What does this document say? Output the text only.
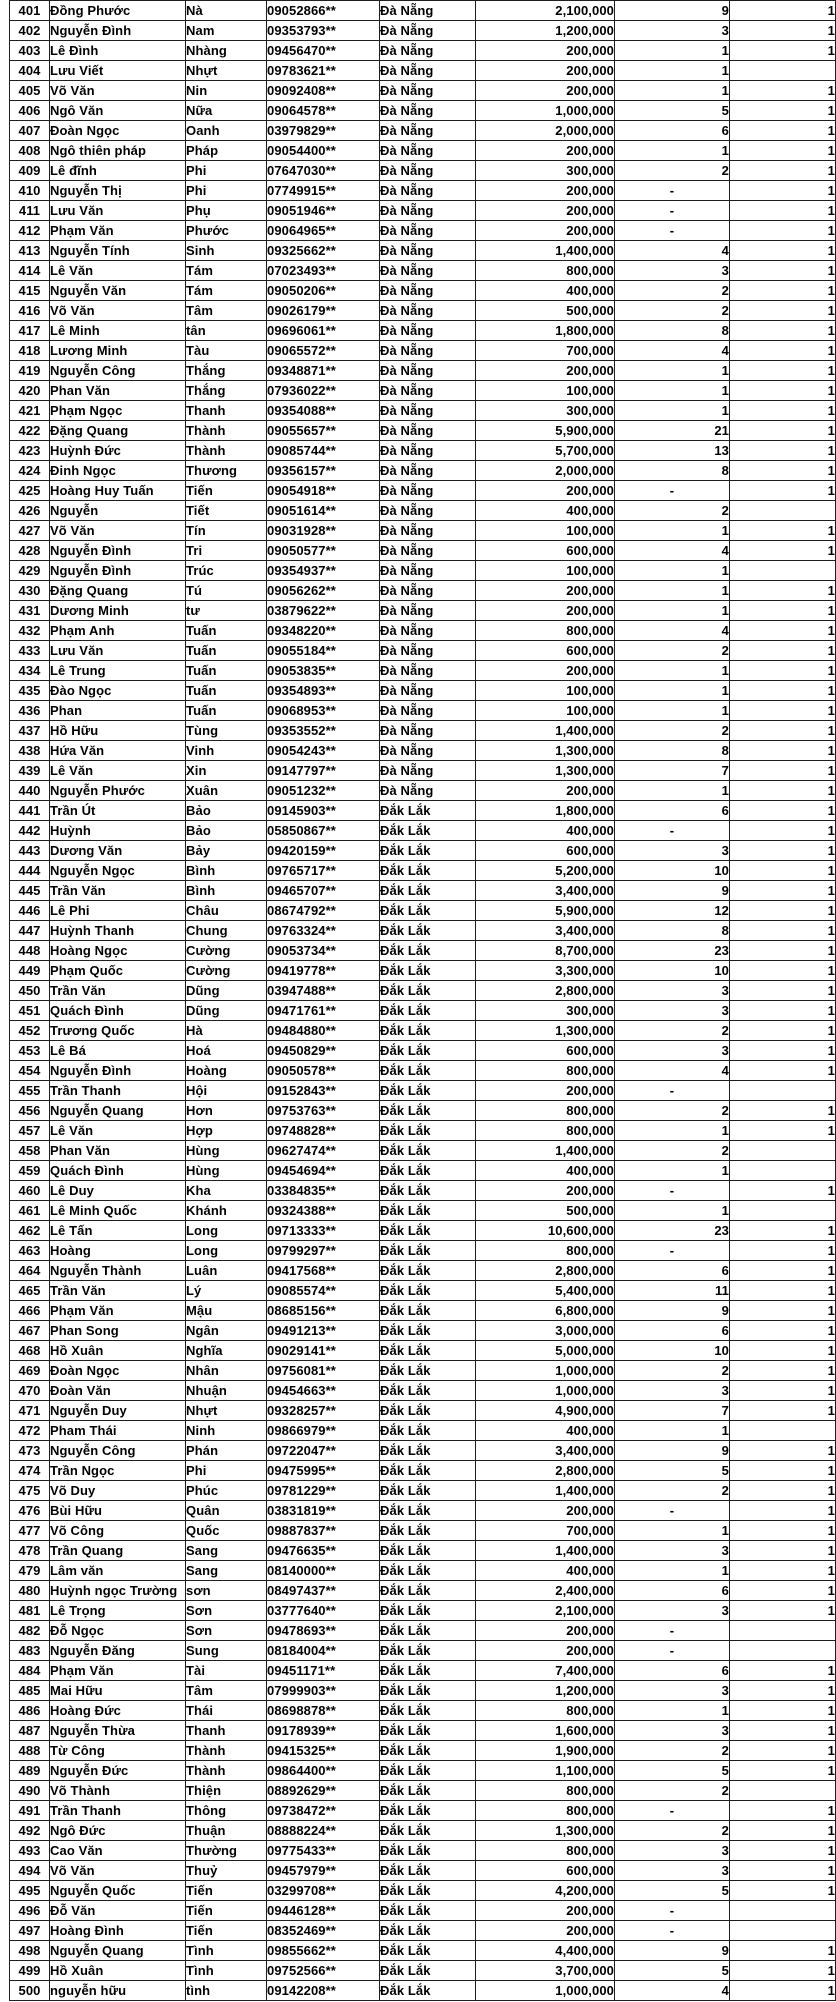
401	Đồng Phước	Nà	09052866**	Đà Nẵng	2,100,000	9	1
402	Nguyễn Đình	Nam	09353793**	Đà Nẵng	1,200,000	3	1
403	Lê Đình	Nhàng	09456470**	Đà Nẵng	200,000	1	1
404	Lưu Viết	Nhựt	09783621**	Đà Nẵng	200,000	1	
405	Võ Văn	Nin	09092408**	Đà Nẵng	200,000	1	1
406	Ngô Văn	Nữa	09064578**	Đà Nẵng	1,000,000	5	1
407	Đoàn Ngọc	Oanh	03979829**	Đà Nẵng	2,000,000	6	1
408	Ngô thiên pháp	Pháp	09054400**	Đà Nẵng	200,000	1	1
409	Lê đĩnh	Phi	07647030**	Đà Nẵng	300,000	2	1
410	Nguyễn Thị	Phi	07749915**	Đà Nẵng	200,000	-	1
411	Lưu Văn	Phụ	09051946**	Đà Nẵng	200,000	-	1
412	Phạm Văn	Phước	09064965**	Đà Nẵng	200,000	-	1
413	Nguyễn Tính	Sinh	09325662**	Đà Nẵng	1,400,000	4	1
414	Lê Văn	Tám	07023493**	Đà Nẵng	800,000	3	1
415	Nguyễn Văn	Tám	09050206**	Đà Nẵng	400,000	2	1
416	Võ Văn	Tâm	09026179**	Đà Nẵng	500,000	2	1
417	Lê Minh	tân	09696061**	Đà Nẵng	1,800,000	8	1
418	Lương Minh	Tàu	09065572**	Đà Nẵng	700,000	4	1
419	Nguyễn Công	Thắng	09348871**	Đà Nẵng	200,000	1	1
420	Phan Văn	Thắng	07936022**	Đà Nẵng	100,000	1	1
421	Phạm Ngọc	Thanh	09354088**	Đà Nẵng	300,000	1	1
422	Đặng Quang	Thành	09055657**	Đà Nẵng	5,900,000	21	1
423	Huỳnh Đức	Thành	09085744**	Đà Nẵng	5,700,000	13	1
424	Đinh Ngọc	Thương	09356157**	Đà Nẵng	2,000,000	8	1
425	Hoàng Huy Tuấn	Tiến	09054918**	Đà Nẵng	200,000	-	1
426	Nguyễn	Tiết	09051614**	Đà Nẵng	400,000	2	
427	Võ Văn	Tín	09031928**	Đà Nẵng	100,000	1	1
428	Nguyễn Đình	Tri	09050577**	Đà Nẵng	600,000	4	1
429	Nguyễn Đình	Trúc	09354937**	Đà Nẵng	100,000	1	
430	Đặng Quang	Tú	09056262**	Đà Nẵng	200,000	1	1
431	Dương Minh	tư	03879622**	Đà Nẵng	200,000	1	1
432	Phạm Anh	Tuấn	09348220**	Đà Nẵng	800,000	4	1
433	Lưu Văn	Tuấn	09055184**	Đà Nẵng	600,000	2	1
434	Lê Trung	Tuấn	09053835**	Đà Nẵng	200,000	1	1
435	Đào Ngọc	Tuấn	09354893**	Đà Nẵng	100,000	1	1
436	Phan	Tuấn	09068953**	Đà Nẵng	100,000	1	1
437	Hồ Hữu	Tùng	09353552**	Đà Nẵng	1,400,000	2	1
438	Hứa Văn	Vinh	09054243**	Đà Nẵng	1,300,000	8	1
439	Lê Văn	Xin	09147797**	Đà Nẵng	1,300,000	7	1
440	Nguyễn Phước	Xuân	09051232**	Đà Nẵng	200,000	1	1
441	Trần Út	Bảo	09145903**	Đắk Lắk	1,800,000	6	1
442	Huỳnh	Bảo	05850867**	Đắk Lắk	400,000	-	1
443	Dương Văn	Bảy	09420159**	Đắk Lắk	600,000	3	1
444	Nguyễn Ngọc	Bình	09765717**	Đắk Lắk	5,200,000	10	1
445	Trần Văn	Bình	09465707**	Đắk Lắk	3,400,000	9	1
446	Lê Phi	Châu	08674792**	Đắk Lắk	5,900,000	12	1
447	Huỳnh Thanh	Chung	09763324**	Đắk Lắk	3,400,000	8	1
448	Hoàng Ngọc	Cường	09053734**	Đắk Lắk	8,700,000	23	1
449	Phạm Quốc	Cường	09419778**	Đắk Lắk	3,300,000	10	1
450	Trần Văn	Dũng	03947488**	Đắk Lắk	2,800,000	3	1
451	Quách Đình	Dũng	09471761**	Đắk Lắk	300,000	3	1
452	Trương Quốc	Hà	09484880**	Đắk Lắk	1,300,000	2	1
453	Lê Bá	Hoá	09450829**	Đắk Lắk	600,000	3	1
454	Nguyễn Đình	Hoàng	09050578**	Đắk Lắk	800,000	4	1
455	Trần Thanh	Hội	09152843**	Đắk Lắk	200,000	-	
456	Nguyễn Quang	Hơn	09753763**	Đắk Lắk	800,000	2	1
457	Lê Văn	Hợp	09748828**	Đắk Lắk	800,000	1	1
458	Phan Văn	Hùng	09627474**	Đắk Lắk	1,400,000	2	
459	Quách Đình	Hùng	09454694**	Đắk Lắk	400,000	1	
460	Lê Duy	Kha	03384835**	Đắk Lắk	200,000	-	1
461	Lê Minh Quốc	Khánh	09324388**	Đắk Lắk	500,000	1	
462	Lê Tấn	Long	09713333**	Đắk Lắk	10,600,000	23	1
463	Hoàng	Long	09799297**	Đắk Lắk	800,000	-	1
464	Nguyễn Thành	Luân	09417568**	Đắk Lắk	2,800,000	6	1
465	Trần Văn	Lý	09085574**	Đắk Lắk	5,400,000	11	1
466	Phạm Văn	Mậu	08685156**	Đắk Lắk	6,800,000	9	1
467	Phan Song	Ngân	09491213**	Đắk Lắk	3,000,000	6	1
468	Hồ Xuân	Nghĩa	09029141**	Đắk Lắk	5,000,000	10	1
469	Đoàn Ngọc	Nhân	09756081**	Đắk Lắk	1,000,000	2	1
470	Đoàn Văn	Nhuận	09454663**	Đắk Lắk	1,000,000	3	1
471	Nguyễn Duy	Nhựt	09328257**	Đắk Lắk	4,900,000	7	1
472	Pham Thái	Ninh	09866979**	Đắk Lắk	400,000	1	
473	Nguyễn Công	Phán	09722047**	Đắk Lắk	3,400,000	9	1
474	Trần Ngọc	Phi	09475995**	Đắk Lắk	2,800,000	5	1
475	Võ Duy	Phúc	09781229**	Đắk Lắk	1,400,000	2	1
476	Bùi Hữu	Quân	03831819**	Đắk Lắk	200,000	-	1
477	Võ Công	Quốc	09887837**	Đắk Lắk	700,000	1	1
478	Trần Quang	Sang	09476635**	Đắk Lắk	1,400,000	3	1
479	Lâm văn	Sang	08140000**	Đắk Lắk	400,000	1	1
480	Huỳnh ngọc Trường	sơn	08497437**	Đắk Lắk	2,400,000	6	1
481	Lê Trọng	Sơn	03777640**	Đắk Lắk	2,100,000	3	1
482	Đỗ Ngọc	Sơn	09478693**	Đắk Lắk	200,000	-	
483	Nguyễn Đăng	Sung	08184004**	Đắk Lắk	200,000	-	
484	Phạm Văn	Tài	09451171**	Đắk Lắk	7,400,000	6	1
485	Mai Hữu	Tâm	07999903**	Đắk Lắk	1,200,000	3	1
486	Hoàng Đức	Thái	08698878**	Đắk Lắk	800,000	1	1
487	Nguyễn Thừa	Thanh	09178939**	Đắk Lắk	1,600,000	3	1
488	Từ Công	Thành	09415325**	Đắk Lắk	1,900,000	2	1
489	Nguyễn Đức	Thành	09864400**	Đắk Lắk	1,100,000	5	1
490	Võ Thành	Thiện	08892629**	Đắk Lắk	800,000	2	
491	Trần Thanh	Thông	09738472**	Đắk Lắk	800,000	-	1
492	Ngô Đức	Thuận	08888224**	Đắk Lắk	1,300,000	2	1
493	Cao Văn	Thường	09775433**	Đắk Lắk	800,000	3	1
494	Võ Văn	Thuỷ	09457979**	Đắk Lắk	600,000	3	1
495	Nguyễn Quốc	Tiến	03299708**	Đắk Lắk	4,200,000	5	1
496	Đỗ Văn	Tiến	09446128**	Đắk Lắk	200,000	-	
497	Hoàng Đình	Tiến	08352469**	Đắk Lắk	200,000	-	
498	Nguyễn Quang	Tình	09855662**	Đắk Lắk	4,400,000	9	1
499	Hồ Xuân	Tình	09752566**	Đắk Lắk	3,700,000	5	1
500	nguyễn hữu	tình	09142208**	Đắk Lắk	1,000,000	4	1
